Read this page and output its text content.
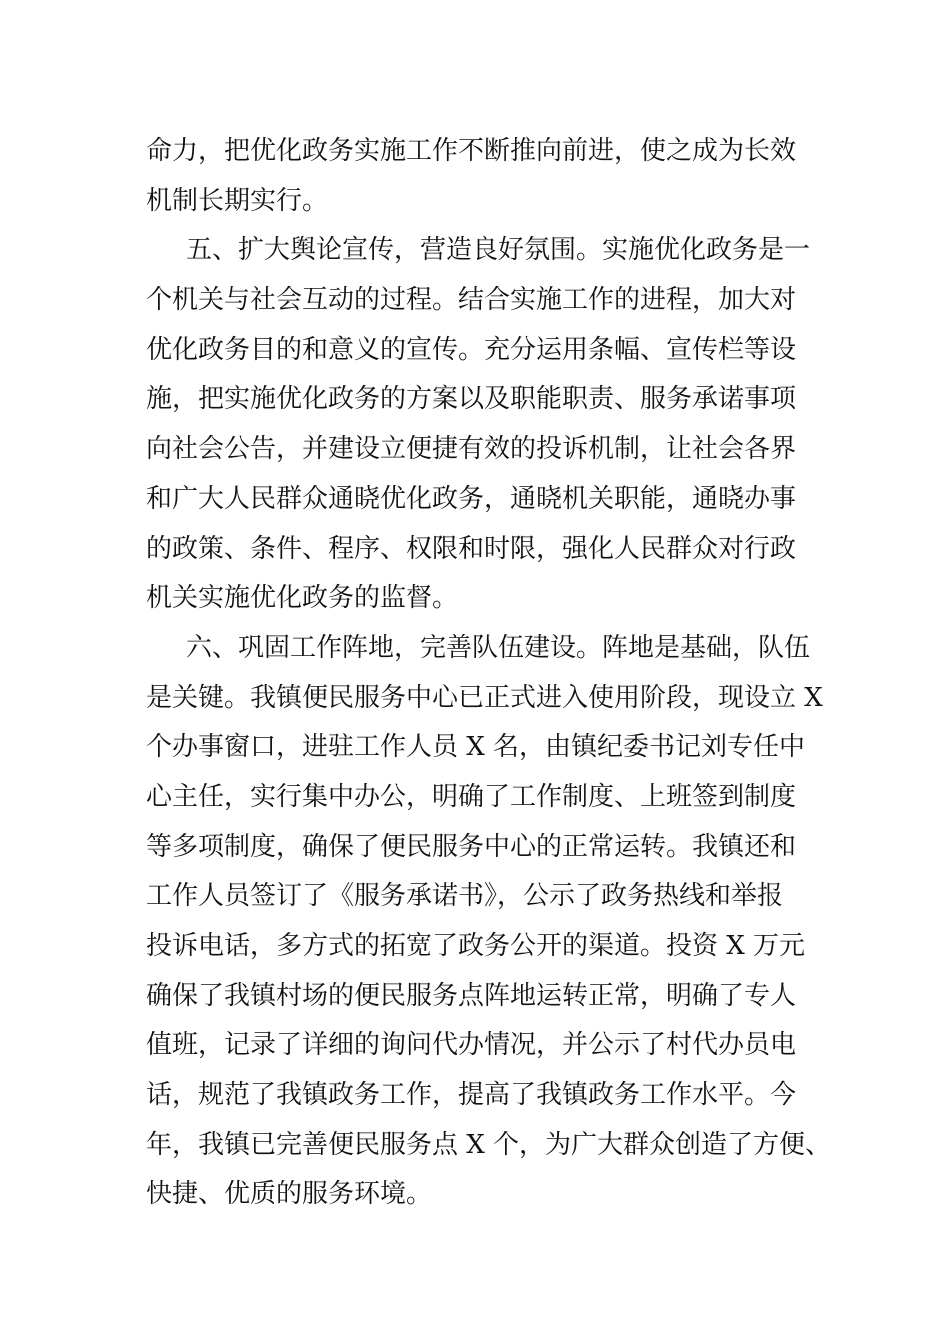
命力，把优化政务实施工作不断推向前进，使之成为长效
机制长期实行。
五、扩大舆论宣传，营造良好氛围。实施优化政务是一
个机关与社会互动的过程。结合实施工作的进程，加大对
优化政务目的和意义的宣传。充分运用条幅、宣传栏等设
施，把实施优化政务的方案以及职能职责、服务承诺事项
向社会公告，并建设立便捷有效的投诉机制，让社会各界
和广大人民群众通晓优化政务，通晓机关职能，通晓办事
的政策、条件、程序、权限和时限，强化人民群众对行政
机关实施优化政务的监督。
六、巩固工作阵地，完善队伍建设。阵地是基础，队伍
是关键。我镇便民服务中心已正式进入使用阶段，现设立 X
个办事窗口，进驻工作人员 X 名，由镇纪委书记刘专任中
心主任，实行集中办公，明确了工作制度、上班签到制度
等多项制度，确保了便民服务中心的正常运转。我镇还和
工作人员签订了《服务承诺书》，公示了政务热线和举报
投诉电话，多方式的拓宽了政务公开的渠道。投资 X 万元
确保了我镇村场的便民服务点阵地运转正常，明确了专人
值班，记录了详细的询问代办情况，并公示了村代办员电
话，规范了我镇政务工作，提高了我镇政务工作水平。今
年，我镇已完善便民服务点 X 个，为广大群众创造了方便、
快捷、优质的服务环境。
